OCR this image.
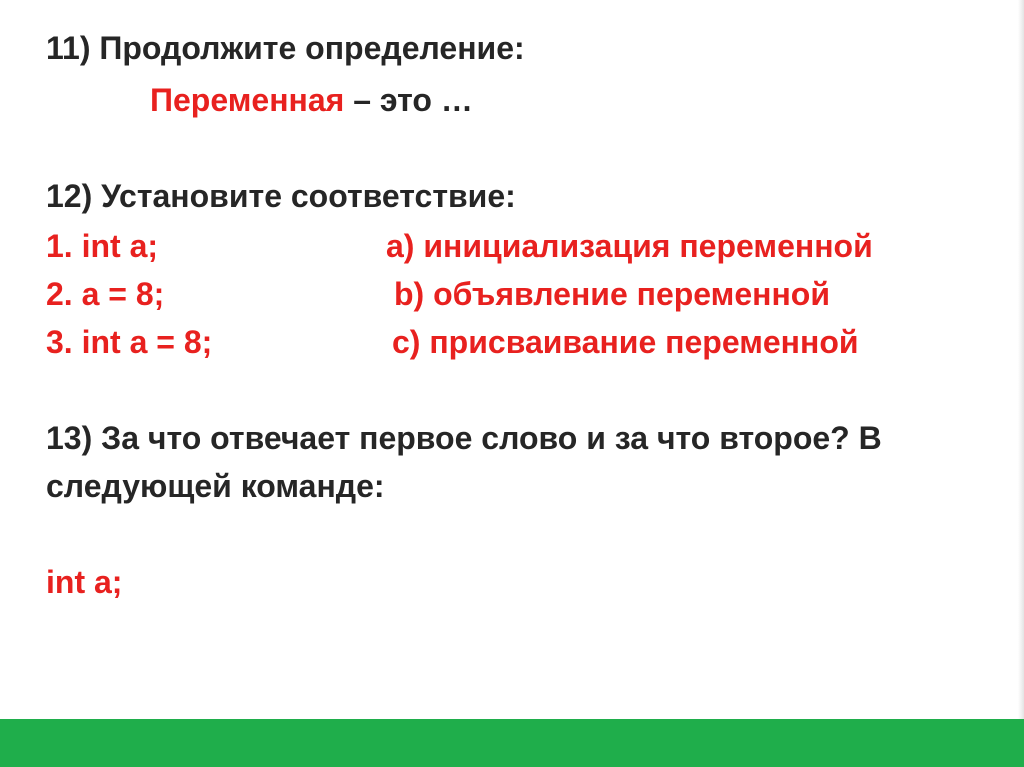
11) Продолжите определение:
Переменная – это …
12) Установите соответствие:
1. int a;	a) инициализация переменной
2. a = 8;	b) объявление переменной
3. int a = 8;	c) присваивание переменной
13) За что отвечает первое слово и за что второе? В
следующей команде:
int a;
